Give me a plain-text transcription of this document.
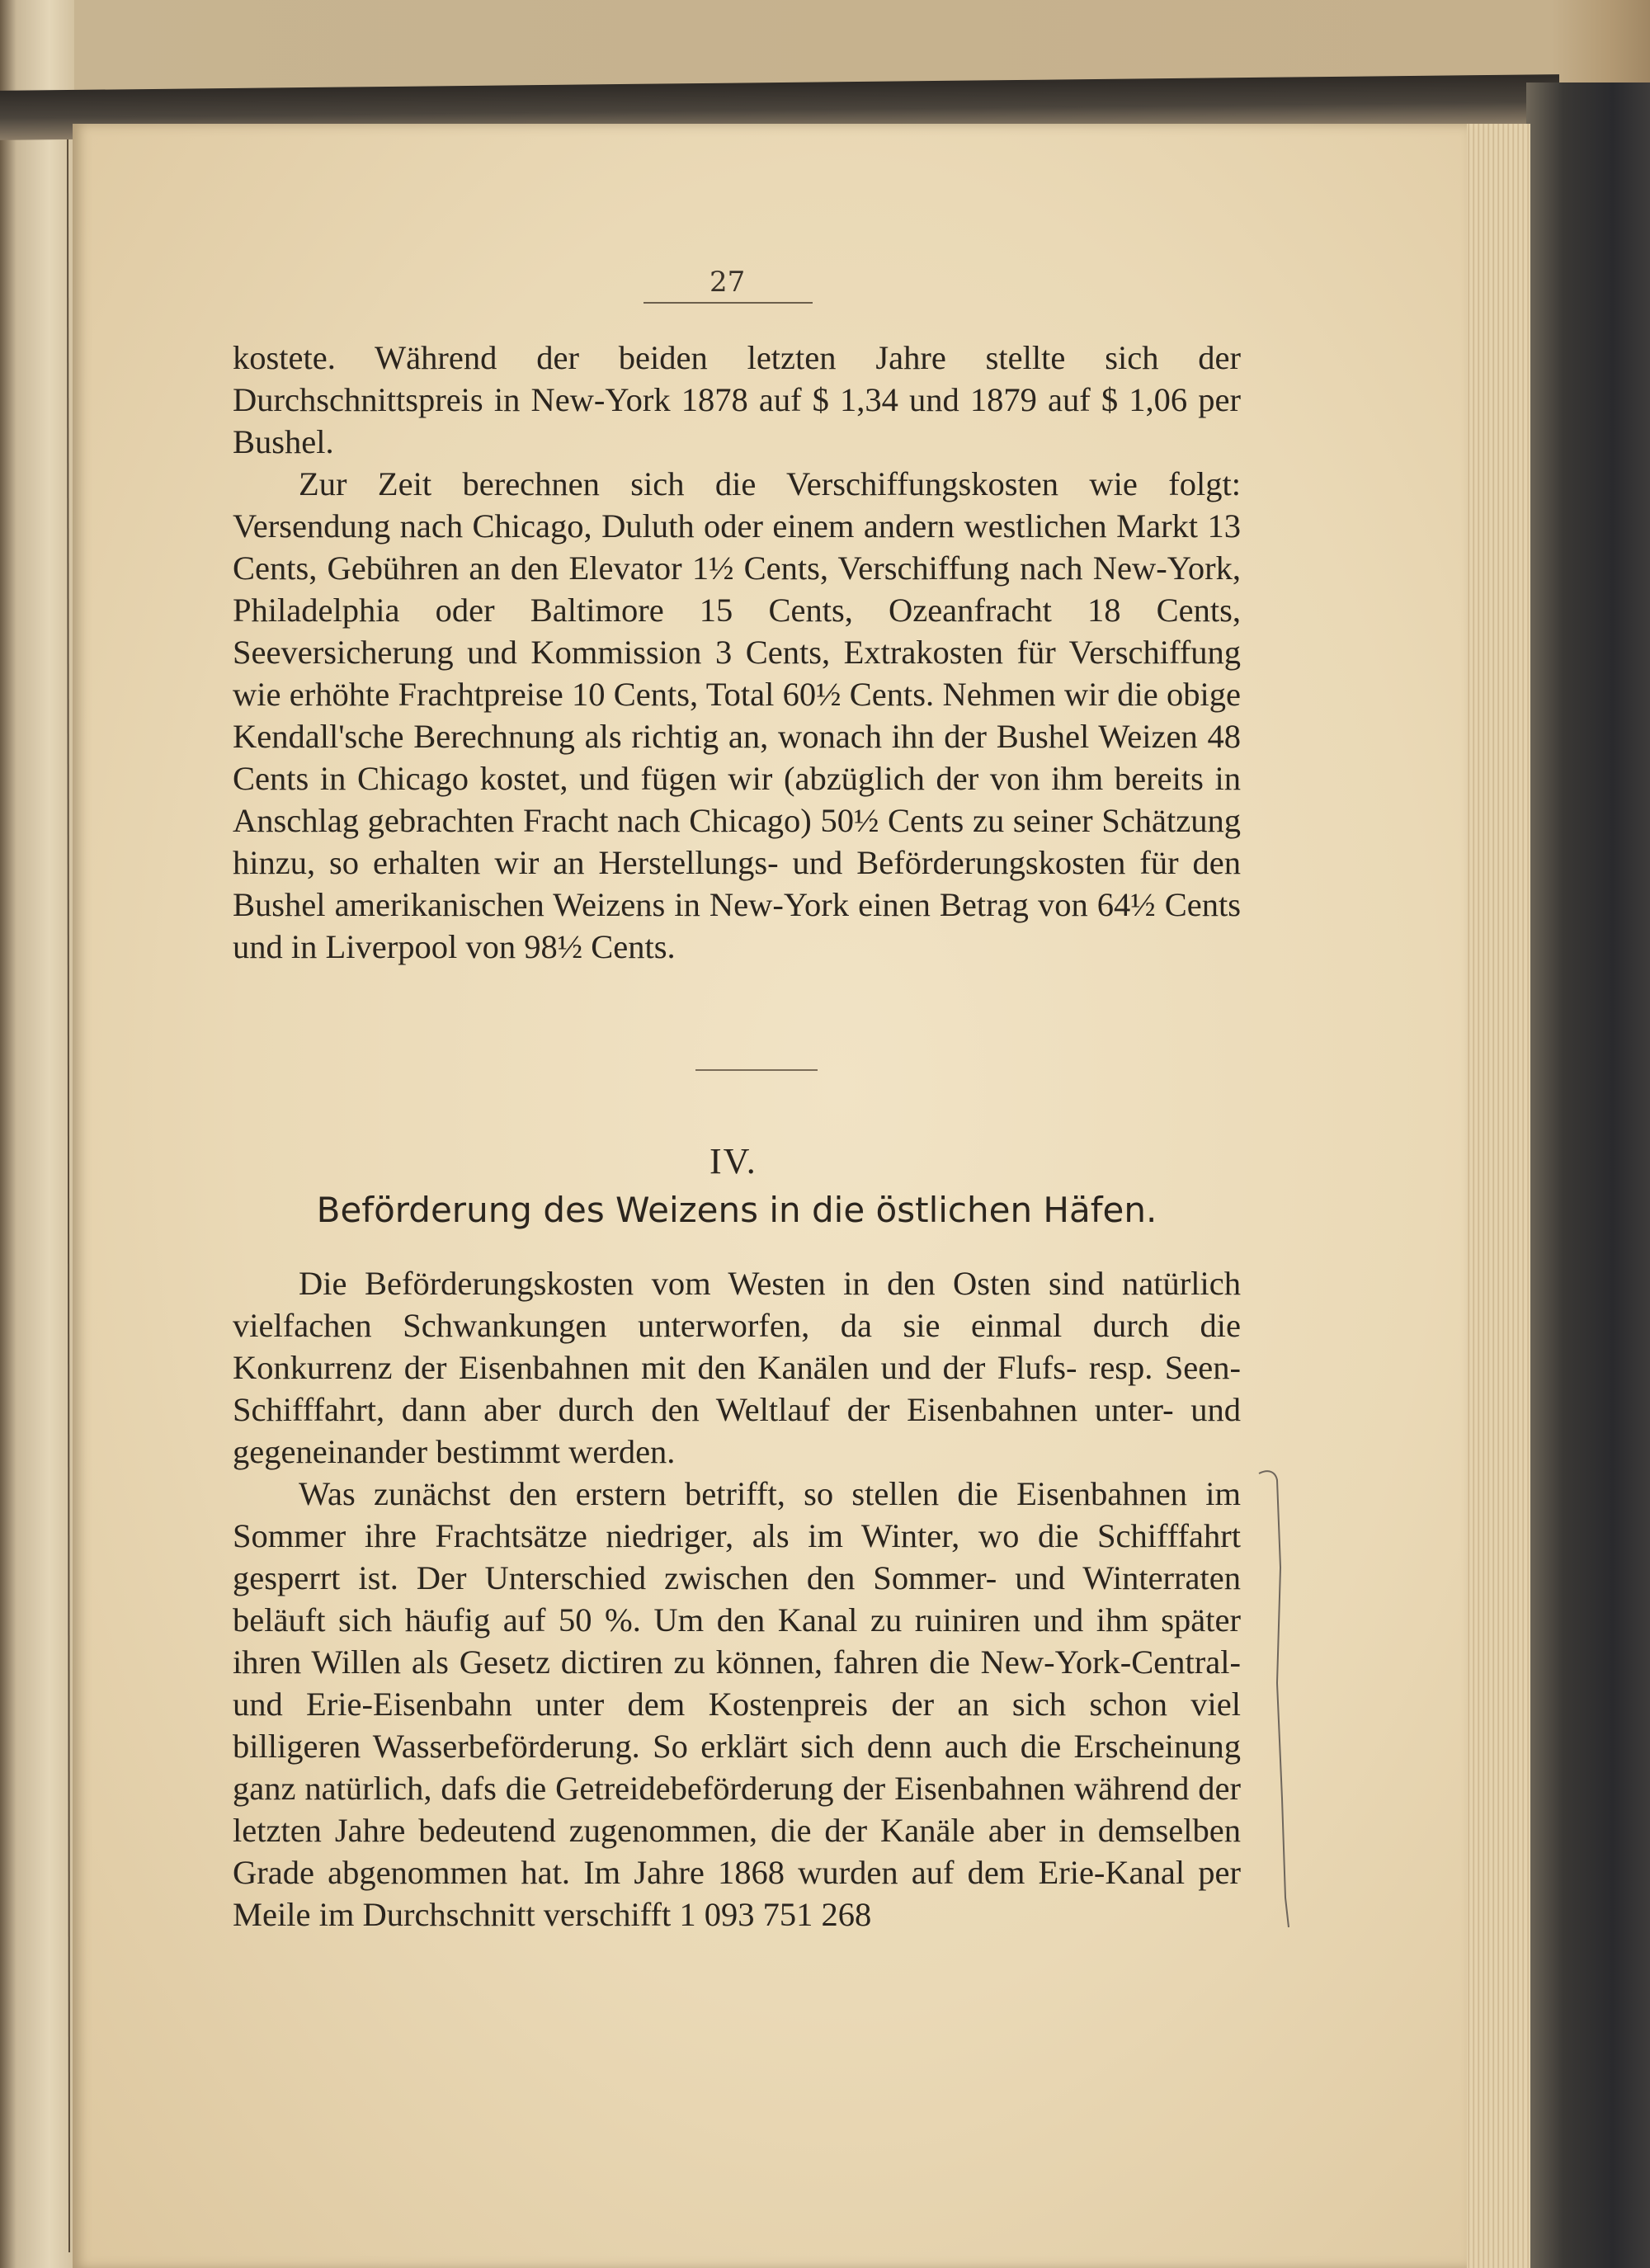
27

kostete. Während der beiden letzten Jahre stellte sich der Durchschnittspreis in New-York 1878 auf $ 1,34 und 1879 auf $ 1,06 per Bushel.

Zur Zeit berechnen sich die Verschiffungskosten wie folgt: Versendung nach Chicago, Duluth oder einem andern westlichen Markt 13 Cents, Gebühren an den Elevator 1½ Cents, Verschiffung nach New-York, Philadelphia oder Baltimore 15 Cents, Ozeanfracht 18 Cents, Seeversicherung und Kommission 3 Cents, Extrakosten für Verschiffung wie erhöhte Frachtpreise 10 Cents, Total 60½ Cents. Nehmen wir die obige Kendall'sche Berechnung als richtig an, wonach ihn der Bushel Weizen 48 Cents in Chicago kostet, und fügen wir (abzüglich der von ihm bereits in Anschlag gebrachten Fracht nach Chicago) 50½ Cents zu seiner Schätzung hinzu, so erhalten wir an Herstellungs- und Beförderungskosten für den Bushel amerikanischen Weizens in New-York einen Betrag von 64½ Cents und in Liverpool von 98½ Cents.

IV.
Beförderung des Weizens in die östlichen Häfen.

Die Beförderungskosten vom Westen in den Osten sind natürlich vielfachen Schwankungen unterworfen, da sie einmal durch die Konkurrenz der Eisenbahnen mit den Kanälen und der Flufs- resp. Seen-Schifffahrt, dann aber durch den Weltlauf der Eisenbahnen unter- und gegeneinander bestimmt werden.

Was zunächst den erstern betrifft, so stellen die Eisenbahnen im Sommer ihre Frachtsätze niedriger, als im Winter, wo die Schifffahrt gesperrt ist. Der Unterschied zwischen den Sommer- und Winterraten beläuft sich häufig auf 50 %. Um den Kanal zu ruiniren und ihm später ihren Willen als Gesetz dictiren zu können, fahren die New-York-Central- und Erie-Eisenbahn unter dem Kostenpreis der an sich schon viel billigeren Wasserbeförderung. So erklärt sich denn auch die Erscheinung ganz natürlich, dafs die Getreidebeförderung der Eisenbahnen während der letzten Jahre bedeutend zugenommen, die der Kanäle aber in demselben Grade abgenommen hat. Im Jahre 1868 wurden auf dem Erie-Kanal per Meile im Durchschnitt verschifft 1 093 751 268
